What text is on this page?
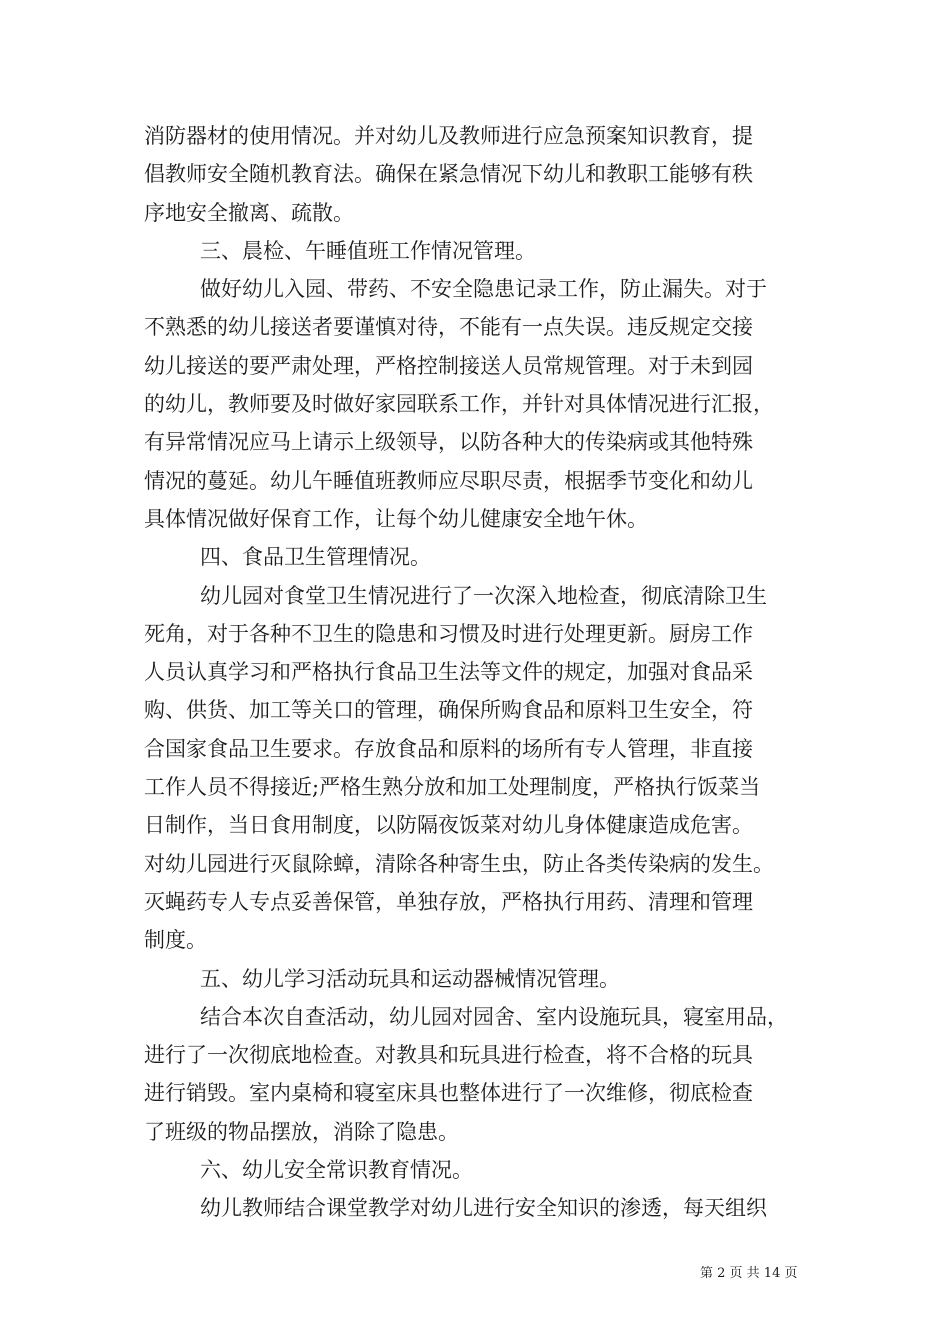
消防器材的使用情况。并对幼儿及教师进行应急预案知识教育，提
倡教师安全随机教育法。确保在紧急情况下幼儿和教职工能够有秩
序地安全撤离、疏散。
三、晨检、午睡值班工作情况管理。
做好幼儿入园、带药、不安全隐患记录工作，防止漏失。对于
不熟悉的幼儿接送者要谨慎对待，不能有一点失误。违反规定交接
幼儿接送的要严肃处理，严格控制接送人员常规管理。对于未到园
的幼儿，教师要及时做好家园联系工作，并针对具体情况进行汇报，
有异常情况应马上请示上级领导，以防各种大的传染病或其他特殊
情况的蔓延。幼儿午睡值班教师应尽职尽责，根据季节变化和幼儿
具体情况做好保育工作，让每个幼儿健康安全地午休。
四、食品卫生管理情况。
幼儿园对食堂卫生情况进行了一次深入地检查，彻底清除卫生
死角，对于各种不卫生的隐患和习惯及时进行处理更新。厨房工作
人员认真学习和严格执行食品卫生法等文件的规定，加强对食品采
购、供货、加工等关口的管理，确保所购食品和原料卫生安全，符
合国家食品卫生要求。存放食品和原料的场所有专人管理，非直接
工作人员不得接近;严格生熟分放和加工处理制度，严格执行饭菜当
日制作，当日食用制度，以防隔夜饭菜对幼儿身体健康造成危害。
对幼儿园进行灭鼠除蟑，清除各种寄生虫，防止各类传染病的发生。
灭蝇药专人专点妥善保管，单独存放，严格执行用药、清理和管理
制度。
五、幼儿学习活动玩具和运动器械情况管理。
结合本次自查活动，幼儿园对园舍、室内设施玩具，寝室用品，
进行了一次彻底地检查。对教具和玩具进行检查，将不合格的玩具
进行销毁。室内桌椅和寝室床具也整体进行了一次维修，彻底检查
了班级的物品摆放，消除了隐患。
六、幼儿安全常识教育情况。
幼儿教师结合课堂教学对幼儿进行安全知识的渗透，每天组织
第 2 页 共 14 页
